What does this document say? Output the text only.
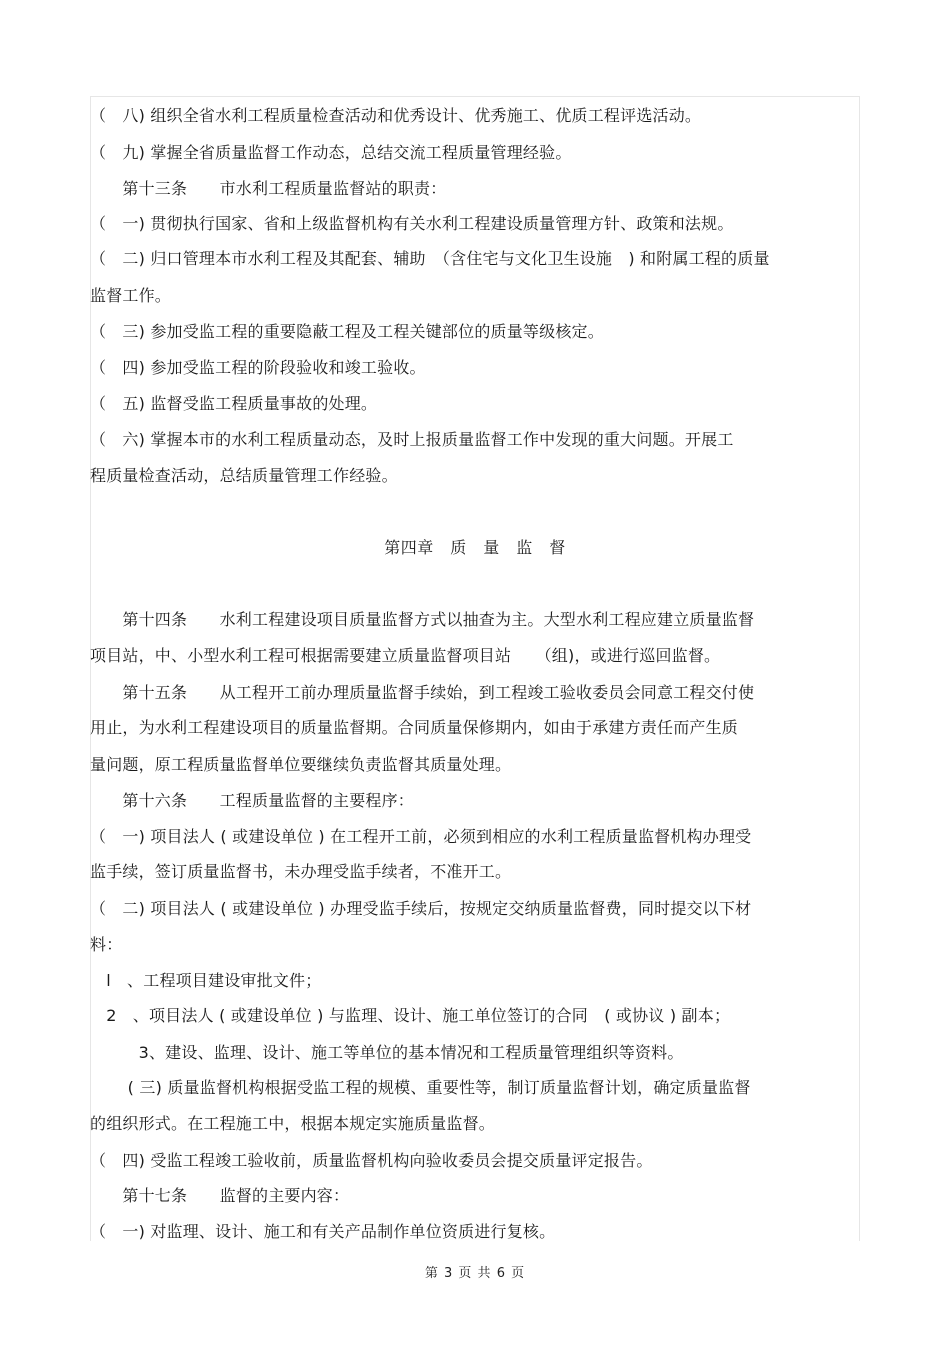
（　八) 组织全省水利工程质量检查活动和优秀设计、优秀施工、优质工程评选活动。
（　九) 掌握全省质量监督工作动态，总结交流工程质量管理经验。
　　第十三条　　市水利工程质量监督站的职责：
（　一) 贯彻执行国家、省和上级监督机构有关水利工程建设质量管理方针、政策和法规。
（　二) 归口管理本市水利工程及其配套、辅助　（含住宅与文化卫生设施　) 和附属工程的质量
监督工作。
（　三) 参加受监工程的重要隐蔽工程及工程关键部位的质量等级核定。
（　四) 参加受监工程的阶段验收和竣工验收。
（　五) 监督受监工程质量事故的处理。
（　六) 掌握本市的水利工程质量动态，及时上报质量监督工作中发现的重大问题。开展工
程质量检查活动，总结质量管理工作经验。
第四章　质　量　监　督
　　第十四条　　水利工程建设项目质量监督方式以抽查为主。大型水利工程应建立质量监督
项目站，中、小型水利工程可根据需要建立质量监督项目站　　（组)，或进行巡回监督。
　　第十五条　　从工程开工前办理质量监督手续始，到工程竣工验收委员会同意工程交付使
用止，为水利工程建设项目的质量监督期。合同质量保修期内，如由于承建方责任而产生质
量问题，原工程质量监督单位要继续负责监督其质量处理。
　　第十六条　　工程质量监督的主要程序：
（　一) 项目法人 ( 或建设单位 ) 在工程开工前，必须到相应的水利工程质量监督机构办理受
监手续，签订质量监督书，未办理受监手续者，不准开工。
（　二) 项目法人 ( 或建设单位 ) 办理受监手续后，按规定交纳质量监督费，同时提交以下材
料：
　l　、工程项目建设审批文件；
　2　、项目法人 ( 或建设单位 ) 与监理、设计、施工单位签订的合同　( 或协议 ) 副本；
　　　3、建设、监理、设计、施工等单位的基本情况和工程质量管理组织等资料。
　　 ( 三) 质量监督机构根据受监工程的规模、重要性等，制订质量监督计划，确定质量监督
的组织形式。在工程施工中，根据本规定实施质量监督。
（　四) 受监工程竣工验收前，质量监督机构向验收委员会提交质量评定报告。
　　第十七条　　监督的主要内容：
（　一) 对监理、设计、施工和有关产品制作单位资质进行复核。
第 3 页 共 6 页
